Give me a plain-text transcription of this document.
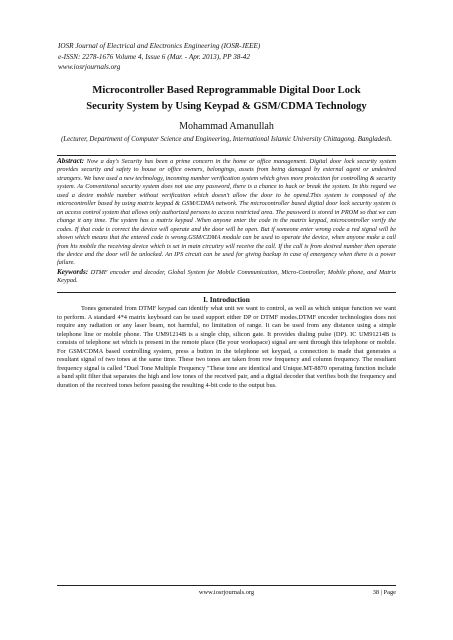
IOSR Journal of Electrical and Electronics Engineering (IOSR-JEEE)
e-ISSN: 2278-1676 Volume 4, Issue 6 (Mar. - Apr. 2013), PP 38-42
www.iosrjournals.org
Microcontroller Based Reprogrammable Digital Door Lock
Security System by Using Keypad & GSM/CDMA Technology
Mohammad Amanullah
(Lecturer, Department of Computer Science and Engineering, International Islamic University Chittagong. Bangladesh.

Abstract: Now a day's Security has been a prime concern in the home or office management. Digital door lock security system provides security and safety to house or office owners, belongings, assets from being damaged by external agent or undesired strangers. We have used a new technology, incoming number verification system which gives more protection for controlling & security system. As Conventional security system does not use any password, there is a chance to hack or break the system. In this regard we used a desire mobile number without verification which doesn't allow the door to be opend.This system is composed of the microcontroller based by using matrix keypad & GSM/CDMA network. The microcontroller based digital door lock security system is an access control system that allows only authorized persons to access restricted area. The password is stored in PROM so that we can change it any time. The system has a matrix keypad .When anyone enter the code in the matrix keypad, microcontroller verify the codes. If that code is correct the device will operate and the door will be open. But if someone enter wrong code a red signal will be shown which means that the entered code is wrong.GSM/CDMA module can be used to operate the device, when anyone make a call from his mobile the receiving device which is set in main circuitry will receive the call. If the call is from desired number then operate the device and the door will be unlocked. An IPS circuit can be used for giving backup in case of emergency when there is a power failure.

Keywords: DTMF encoder and decoder, Global System for Mobile Communication, Micro-Controller, Mobile phone, and Matrix Keypad.

I. Introduction

Tones generated from DTMF keypad can identify what unit we want to control, as well as which unique function we want to perform. A standard 4*4 matrix keyboard can be used support either DP or DTMF modes.DTMF encoder technologies does not require any radiation or any laser beam, not harmful, no limitation of range. It can be used from any distance using a simple telephone line or mobile phone. The UM91214B is a single chip, silicon gate. It provides dialing pulse (DP). IC UM91214B is consists of telephone set which is present in the remote place (Be your workspace) signal are sent through this telephone or mobile. For GSM/CDMA based controlling system, press a button in the telephone set keypad, a connection is made that generates a resultant signal of two tones at the same time. These two tones are taken from row frequency and column frequency. The resultant frequency signal is called "Duel Tone Multiple Frequency "These tone are identical and Unique.MT-8870 operating function include a band split filter that separates the high and low tones of the received pair, and a digital decoder that verifies both the frequency and duration of the received tones before passing the resulting 4-bit code to the output bus.

www.iosrjournals.org	38 | Page
